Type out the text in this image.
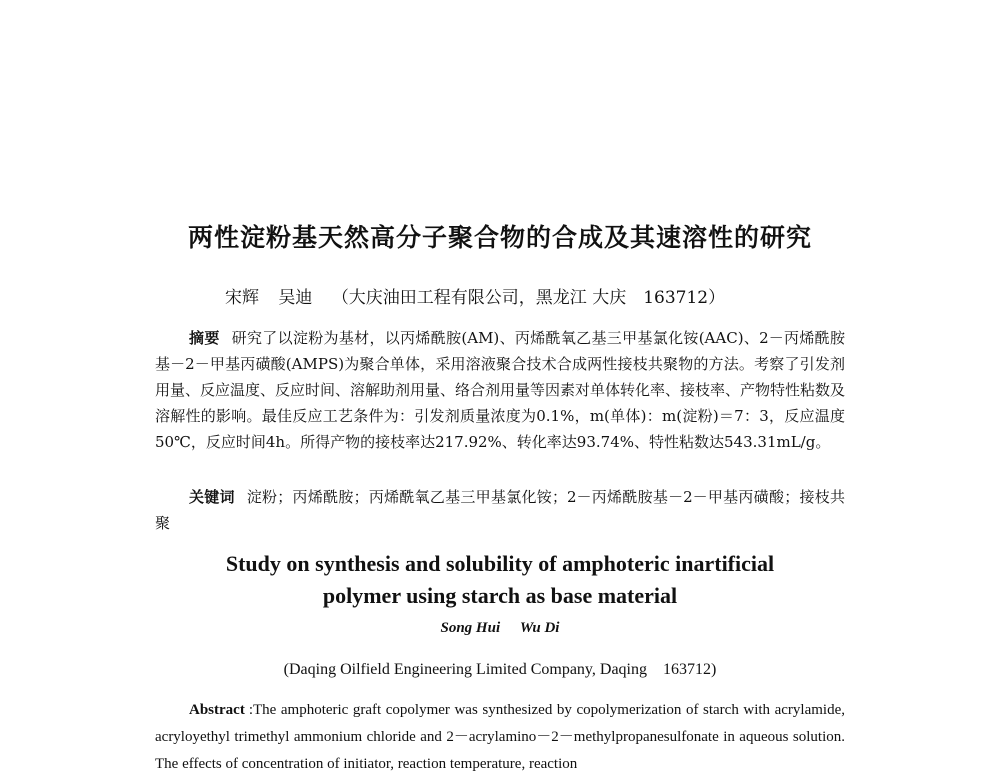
两性淀粉基天然高分子聚合物的合成及其速溶性的研究
宋辉 吴迪 （大庆油田工程有限公司，黑龙江 大庆　163712）
摘要 研究了以淀粉为基材，以丙烯酰胺(AM)、丙烯酰氧乙基三甲基氯化铵(AAC)、2－丙烯酰胺基－2－甲基丙磺酸(AMPS)为聚合单体，采用溶液聚合技术合成两性接枝共聚物的方法。考察了引发剂用量、反应温度、反应时间、溶解助剂用量、络合剂用量等因素对单体转化率、接枝率、产物特性粘数及溶解性的影响。最佳反应工艺条件为：引发剂质量浓度为0.1%，m(单体)：m(淀粉)＝7：3，反应温度50℃，反应时间4h。所得产物的接枝率达217.92%、转化率达93.74%、特性粘数达543.31mL/g。
关键词 淀粉；丙烯酰胺；丙烯酰氧乙基三甲基氯化铵；2－丙烯酰胺基－2－甲基丙磺酸；接枝共聚
Study on synthesis and solubility of amphoteric inartificial
polymer using starch as base material
Song Hui Wu Di
(Daqing Oilfield Engineering Limited Company, Daqing　163712)
Abstract :The amphoteric graft copolymer was synthesized by copolymerization of starch with acrylamide, acryloyethyl trimethyl ammonium chloride and 2－acrylamino－2－methylpropanesulfonate in aqueous solution. The effects of concentration of initiator, reaction temperature, reaction
